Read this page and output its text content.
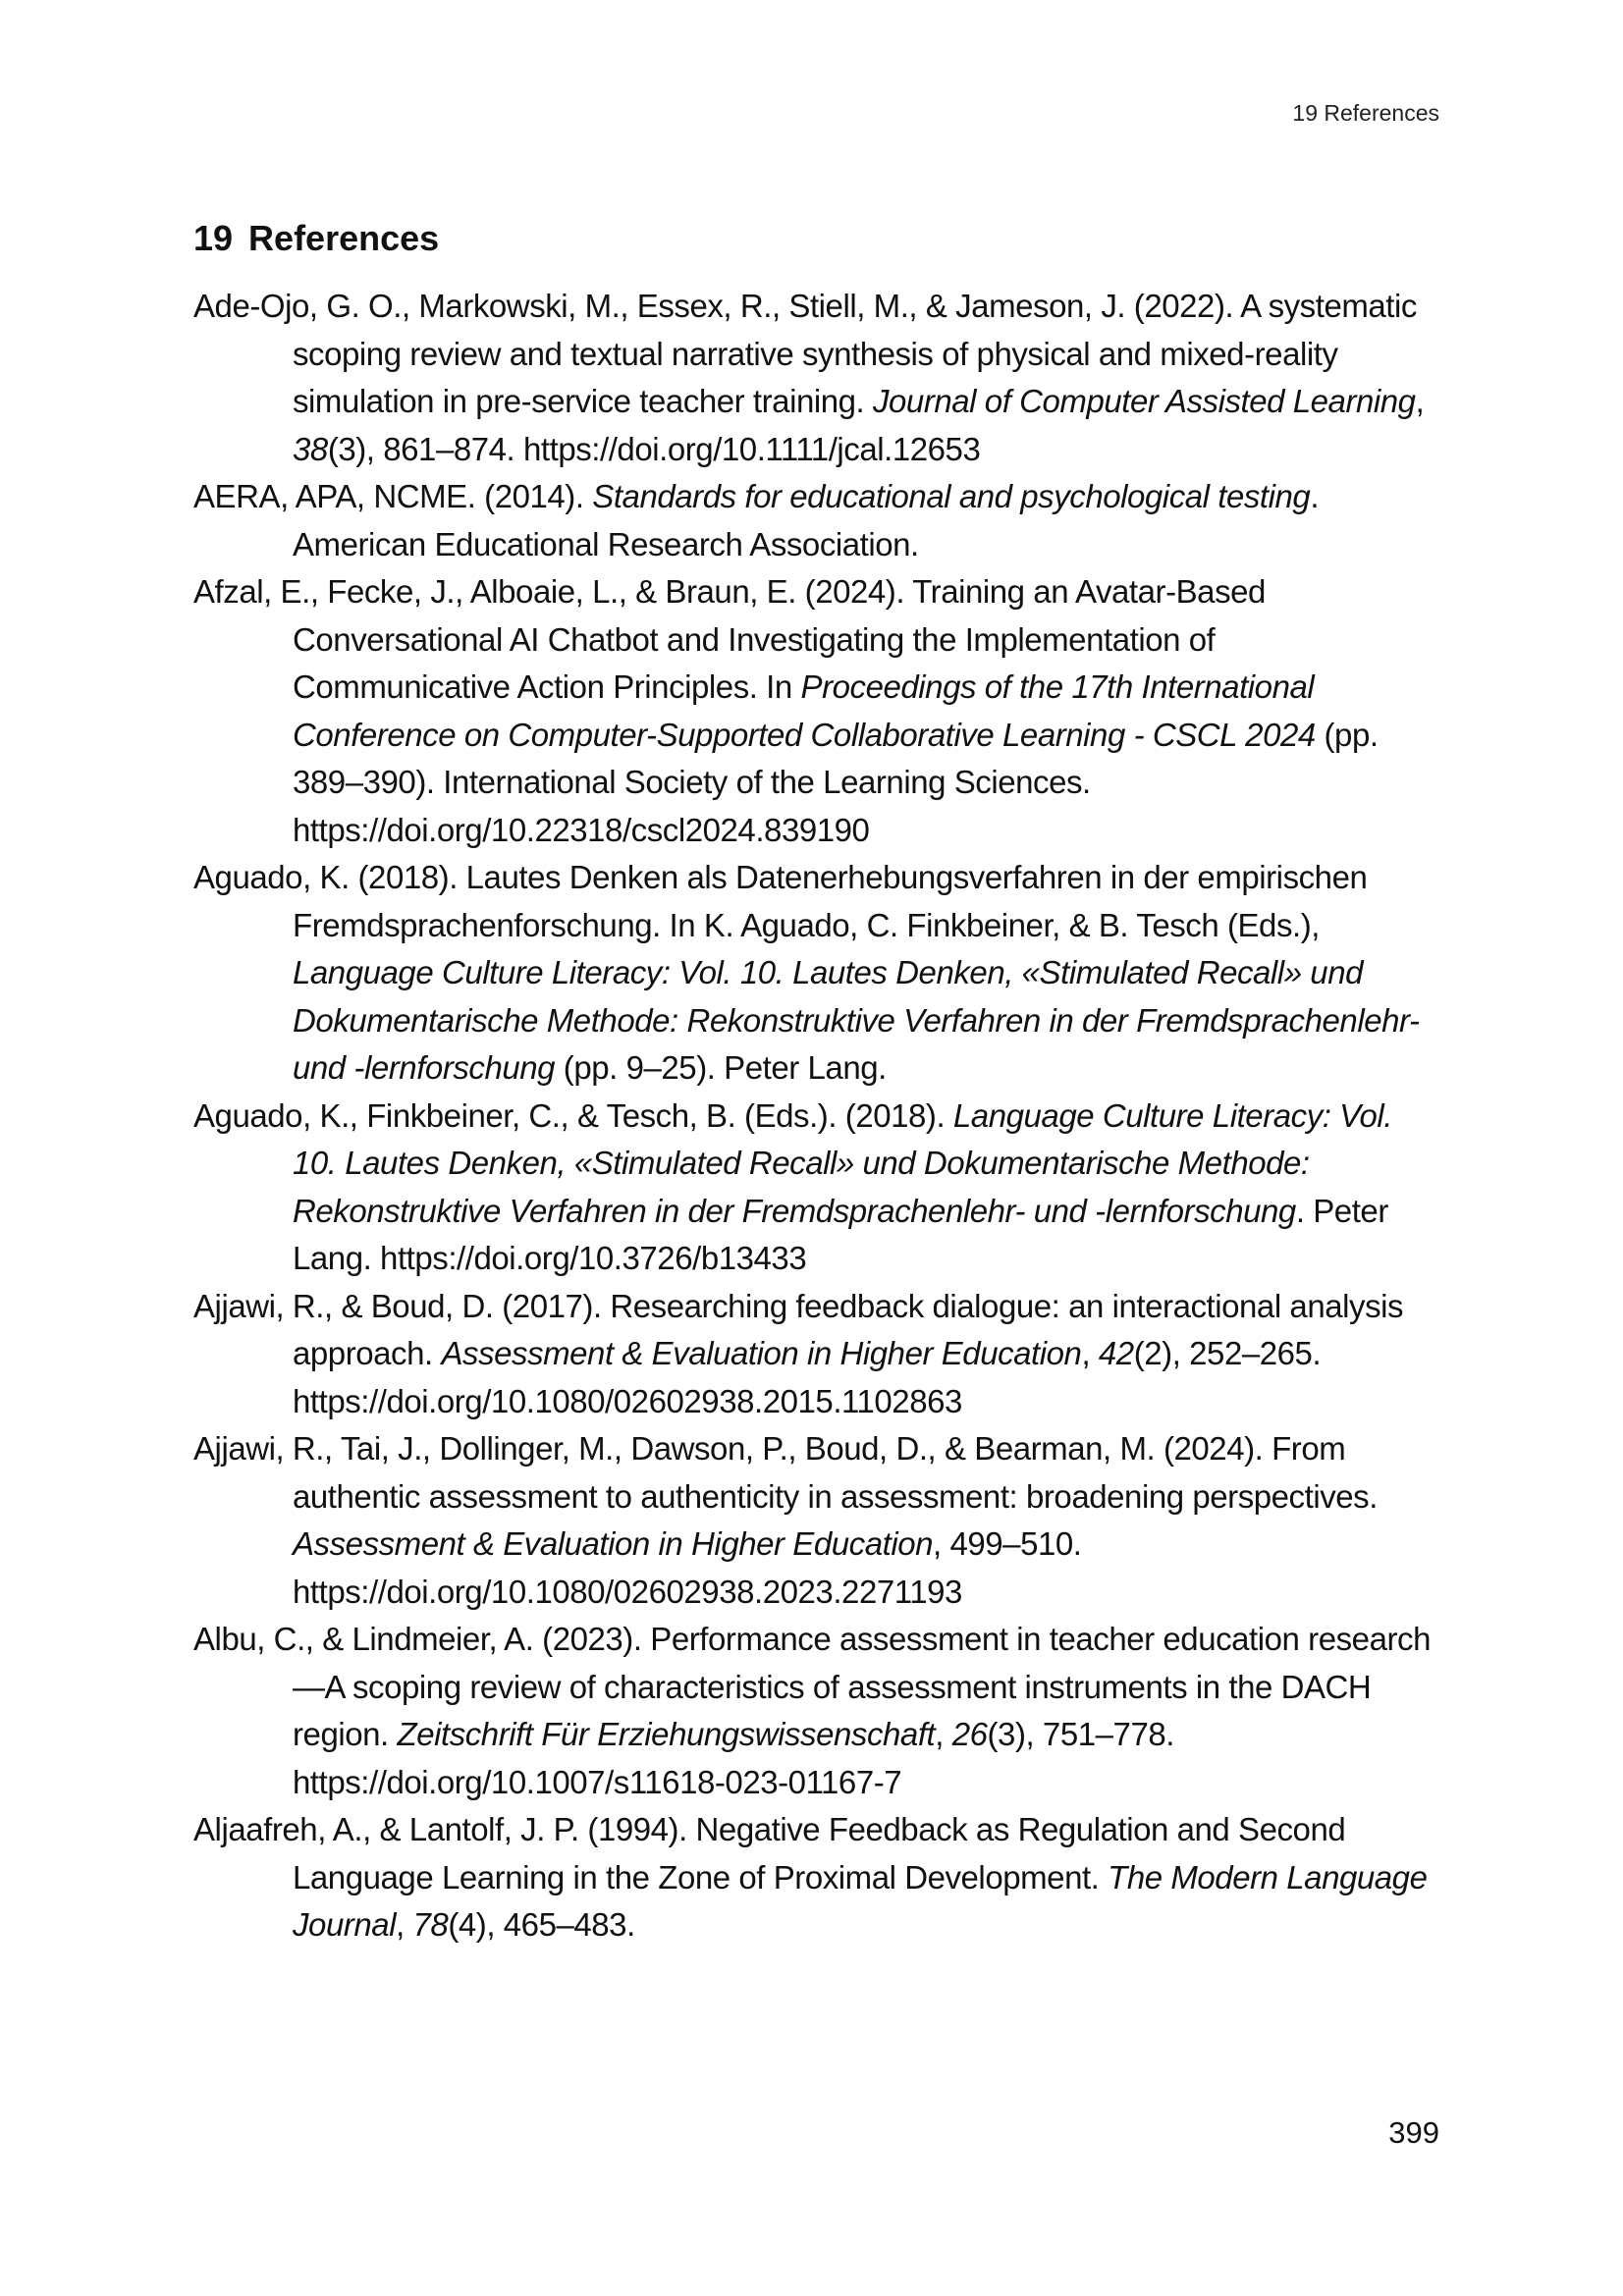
19 References
19 References
Ade-Ojo, G. O., Markowski, M., Essex, R., Stiell, M., & Jameson, J. (2022). A systematic scoping review and textual narrative synthesis of physical and mixed-reality simulation in pre-service teacher training. Journal of Computer Assisted Learning, 38(3), 861–874. https://doi.org/10.1111/jcal.12653
AERA, APA, NCME. (2014). Standards for educational and psychological testing. American Educational Research Association.
Afzal, E., Fecke, J., Alboaie, L., & Braun, E. (2024). Training an Avatar-Based Conversational AI Chatbot and Investigating the Implementation of Communicative Action Principles. In Proceedings of the 17th International Conference on Computer-Supported Collaborative Learning - CSCL 2024 (pp. 389–390). International Society of the Learning Sciences. https://doi.org/10.22318/cscl2024.839190
Aguado, K. (2018). Lautes Denken als Datenerhebungsverfahren in der empirischen Fremdsprachenforschung. In K. Aguado, C. Finkbeiner, & B. Tesch (Eds.), Language Culture Literacy: Vol. 10. Lautes Denken, «Stimulated Recall» und Dokumentarische Methode: Rekonstruktive Verfahren in der Fremdsprachenlehr- und -lernforschung (pp. 9–25). Peter Lang.
Aguado, K., Finkbeiner, C., & Tesch, B. (Eds.). (2018). Language Culture Literacy: Vol. 10. Lautes Denken, «Stimulated Recall» und Dokumentarische Methode: Rekonstruktive Verfahren in der Fremdsprachenlehr- und -lernforschung. Peter Lang. https://doi.org/10.3726/b13433
Ajjawi, R., & Boud, D. (2017). Researching feedback dialogue: an interactional analysis approach. Assessment & Evaluation in Higher Education, 42(2), 252–265. https://doi.org/10.1080/02602938.2015.1102863
Ajjawi, R., Tai, J., Dollinger, M., Dawson, P., Boud, D., & Bearman, M. (2024). From authentic assessment to authenticity in assessment: broadening perspectives. Assessment & Evaluation in Higher Education, 499–510. https://doi.org/10.1080/02602938.2023.2271193
Albu, C., & Lindmeier, A. (2023). Performance assessment in teacher education research—A scoping review of characteristics of assessment instruments in the DACH region. Zeitschrift Für Erziehungswissenschaft, 26(3), 751–778. https://doi.org/10.1007/s11618-023-01167-7
Aljaafreh, A., & Lantolf, J. P. (1994). Negative Feedback as Regulation and Second Language Learning in the Zone of Proximal Development. The Modern Language Journal, 78(4), 465–483.
399
